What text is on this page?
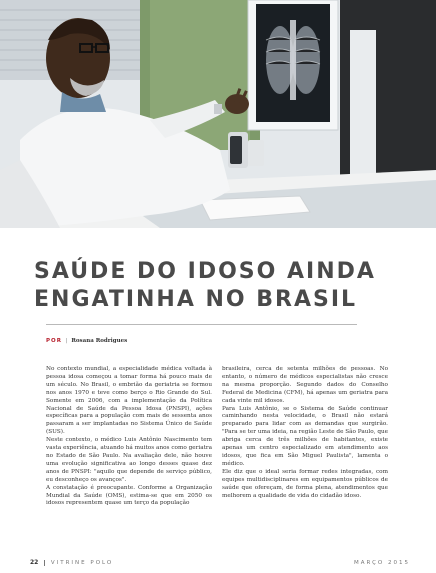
SAÚDE DO IDOSO AINDA
ENGATINHA NO BRASIL
POR | Rosana Rodrigues

No contexto mundial, a especialidade médica voltada à pessoa idosa começou a tomar forma há pouco mais de um século. No Brasil, o embrião da geriatria se formou nos anos 1970 e teve como berço o Rio Grande do Sul. Somente em 2006, com a implementação da Política Nacional de Saúde da Pessoa Idosa (PNSPI), ações específicas para a população com mais de sessenta anos passaram a ser implantadas no Sistema Único de Saúde (SUS).

Neste contexto, o médico Luis Antônio Nascimento tem vasta experiência, atuando há muitos anos como geriatra no Estado de São Paulo. Na avaliação dele, não houve uma evolução significativa ao longo desses quase dez anos de PNSPI: "aquilo que depende de serviço público, eu desconheço os avanços".

A constatação é preocupante. Conforme a Organização Mundial da Saúde (OMS), estima-se que em 2050 os idosos representem quase um terço da população

brasileira, cerca de setenta milhões de pessoas. No entanto, o número de médicos especialistas não cresce na mesma proporção. Segundo dados do Conselho Federal de Medicina (CFM), há apenas um geriatra para cada vinte mil idosos.

Para Luis Antônio, se o Sistema de Saúde continuar caminhando nesta velocidade, o Brasil não estará preparado para lidar com as demandas que surgirão. "Para se ter uma ideia, na região Leste de São Paulo, que abriga cerca de três milhões de habitantes, existe apenas um centro especializado em atendimento aos idosos, que fica em São Miguel Paulista", lamenta o médico.

Ele diz que o ideal seria formar redes integradas, com equipes multidisciplinares em equipamentos públicos de saúde que ofereçam, de forma plena, atendimentos que melhorem a qualidade de vida do cidadão idoso.

22 VITRINE POLO	MARÇO 2015
